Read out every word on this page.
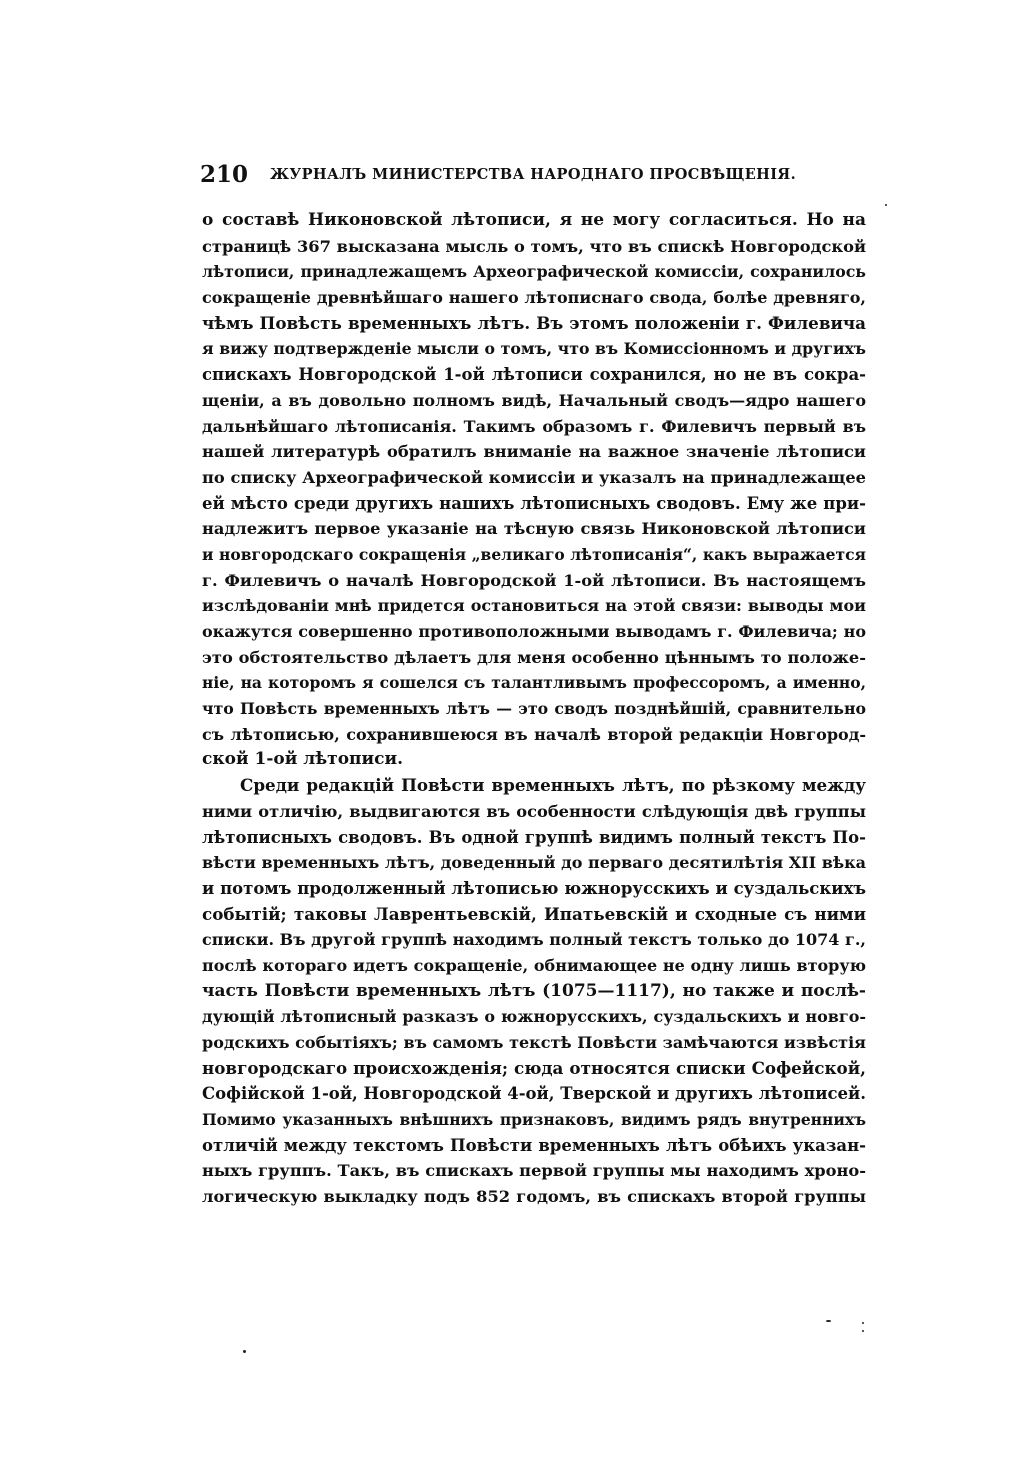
210 ЖУРНАЛЪ МИНИСТЕРСТВА НАРОДНАГО ПРОСВѢЩЕНІЯ.
о составѣ Никоновской лѣтописи, я не могу согласиться. Но на
страницѣ 367 высказана мысль о томъ, что въ спискѣ Новгородской
лѣтописи, принадлежащемъ Археографической комиссіи, сохранилось
сокращеніе древнѣйшаго нашего лѣтописнаго свода, болѣе древняго,
чѣмъ Повѣсть временныхъ лѣтъ. Въ этомъ положеніи г. Филевича
я вижу подтвержденіе мысли о томъ, что въ Комиссіонномъ и другихъ
спискахъ Новгородской 1-ой лѣтописи сохранился, но не въ сокра-
щеніи, а въ довольно полномъ видѣ, Начальный сводъ—ядро нашего
дальнѣйшаго лѣтописанія. Такимъ образомъ г. Филевичъ первый въ
нашей литературѣ обратилъ вниманіе на важное значеніе лѣтописи
по списку Археографической комиссіи и указалъ на принадлежащее
ей мѣсто среди другихъ нашихъ лѣтописныхъ сводовъ. Ему же при-
надлежитъ первое указаніе на тѣсную связь Никоновской лѣтописи
и новгородскаго сокращенія „великаго лѣтописанія“, какъ выражается
г. Филевичъ о началѣ Новгородской 1-ой лѣтописи. Въ настоящемъ
изслѣдованіи мнѣ придется остановиться на этой связи: выводы мои
окажутся совершенно противоположными выводамъ г. Филевича; но
это обстоятельство дѣлаетъ для меня особенно цѣннымъ то положе-
ніе, на которомъ я сошелся съ талантливымъ профессоромъ, а именно,
что Повѣсть временныхъ лѣтъ — это сводъ позднѣйшій, сравнительно
съ лѣтописью, сохранившеюся въ началѣ второй редакціи Новгород-
ской 1-ой лѣтописи.
Среди редакцій Повѣсти временныхъ лѣтъ, по рѣзкому между
ними отличію, выдвигаются въ особенности слѣдующія двѣ группы
лѣтописныхъ сводовъ. Въ одной группѣ видимъ полный текстъ По-
вѣсти временныхъ лѣтъ, доведенный до перваго десятилѣтія XII вѣка
и потомъ продолженный лѣтописью южнорусскихъ и суздальскихъ
событій; таковы Лаврентьевскій, Ипатьевскій и сходные съ ними
списки. Въ другой группѣ находимъ полный текстъ только до 1074 г.,
послѣ котораго идетъ сокращеніе, обнимающее не одну лишь вторую
часть Повѣсти временныхъ лѣтъ (1075—1117), но также и послѣ-
дующій лѣтописный разказъ о южнорусскихъ, суздальскихъ и новго-
родскихъ событіяхъ; въ самомъ текстѣ Повѣсти замѣчаются извѣстія
новгородскаго происхожденія; сюда относятся списки Софейской,
Софійской 1-ой, Новгородской 4-ой, Тверской и другихъ лѣтописей.
Помимо указанныхъ внѣшнихъ признаковъ, видимъ рядъ внутреннихъ
отличій между текстомъ Повѣсти временныхъ лѣтъ обѣихъ указан-
ныхъ группъ. Такъ, въ спискахъ первой группы мы находимъ хроно-
логическую выкладку подъ 852 годомъ, въ спискахъ второй группы
